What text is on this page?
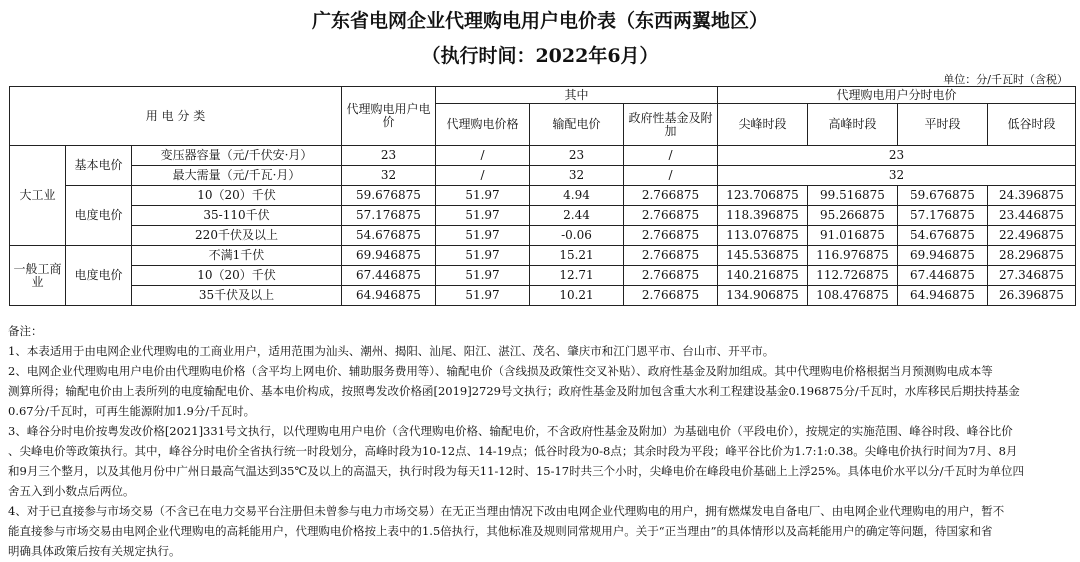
广东省电网企业代理购电用户电价表（东西两翼地区）
（执行时间：2022年6月）
单位：分/千瓦时（含税）
用 电 分 类			代理购电用户电价	其中			代理购电用户分时电价			
				代理购电价格	输配电价	政府性基金及附加	尖峰时段	高峰时段	平时段	低谷时段
大工业	基本电价	变压器容量（元/千伏安·月）	23	/	23	/	23			
		最大需量（元/千瓦·月）	32	/	32	/	32			
	电度电价	10（20）千伏	59.676875	51.97	4.94	2.766875	123.706875	99.516875	59.676875	24.396875
		35-110千伏	57.176875	51.97	2.44	2.766875	118.396875	95.266875	57.176875	23.446875
		220千伏及以上	54.676875	51.97	-0.06	2.766875	113.076875	91.016875	54.676875	22.496875
一般工商业	电度电价	不满1千伏	69.946875	51.97	15.21	2.766875	145.536875	116.976875	69.946875	28.296875
		10（20）千伏	67.446875	51.97	12.71	2.766875	140.216875	112.726875	67.446875	27.346875
		35千伏及以上	64.946875	51.97	10.21	2.766875	134.906875	108.476875	64.946875	26.396875

备注：

1、本表适用于由电网企业代理购电的工商业用户，适用范围为汕头、潮州、揭阳、汕尾、阳江、湛江、茂名、肇庆市和江门恩平市、台山市、开平市。

2、电网企业代理购电用户电价由代理购电价格（含平均上网电价、辅助服务费用等）、输配电价（含线损及政策性交叉补贴）、政府性基金及附加组成。其中代理购电价格根据当月预测购电成本等

测算所得；输配电价由上表所列的电度输配电价、基本电价构成，按照粤发改价格函[2019]2729号文执行；政府性基金及附加包含重大水利工程建设基金0.196875分/千瓦时，水库移民后期扶持基金

0.67分/千瓦时，可再生能源附加1.9分/千瓦时。

3、峰谷分时电价按粤发改价格[2021]331号文执行，以代理购电用户电价（含代理购电价格、输配电价，不含政府性基金及附加）为基础电价（平段电价），按规定的实施范围、峰谷时段、峰谷比价

、尖峰电价等政策执行。其中，峰谷分时电价全省执行统一时段划分，高峰时段为10-12点、14-19点；低谷时段为0-8点；其余时段为平段；峰平谷比价为1.7:1:0.38。尖峰电价执行时间为7月、8月

和9月三个整月，以及其他月份中广州日最高气温达到35℃及以上的高温天，执行时段为每天11-12时、15-17时共三个小时，尖峰电价在峰段电价基础上上浮25%。具体电价水平以分/千瓦时为单位四

舍五入到小数点后两位。

4、对于已直接参与市场交易（不含已在电力交易平台注册但未曾参与电力市场交易）在无正当理由情况下改由电网企业代理购电的用户，拥有燃煤发电自备电厂、由电网企业代理购电的用户，暂不

能直接参与市场交易由电网企业代理购电的高耗能用户，代理购电价格按上表中的1.5倍执行，其他标准及规则同常规用户。关于“正当理由”的具体情形以及高耗能用户的确定等问题，待国家和省

明确具体政策后按有关规定执行。
